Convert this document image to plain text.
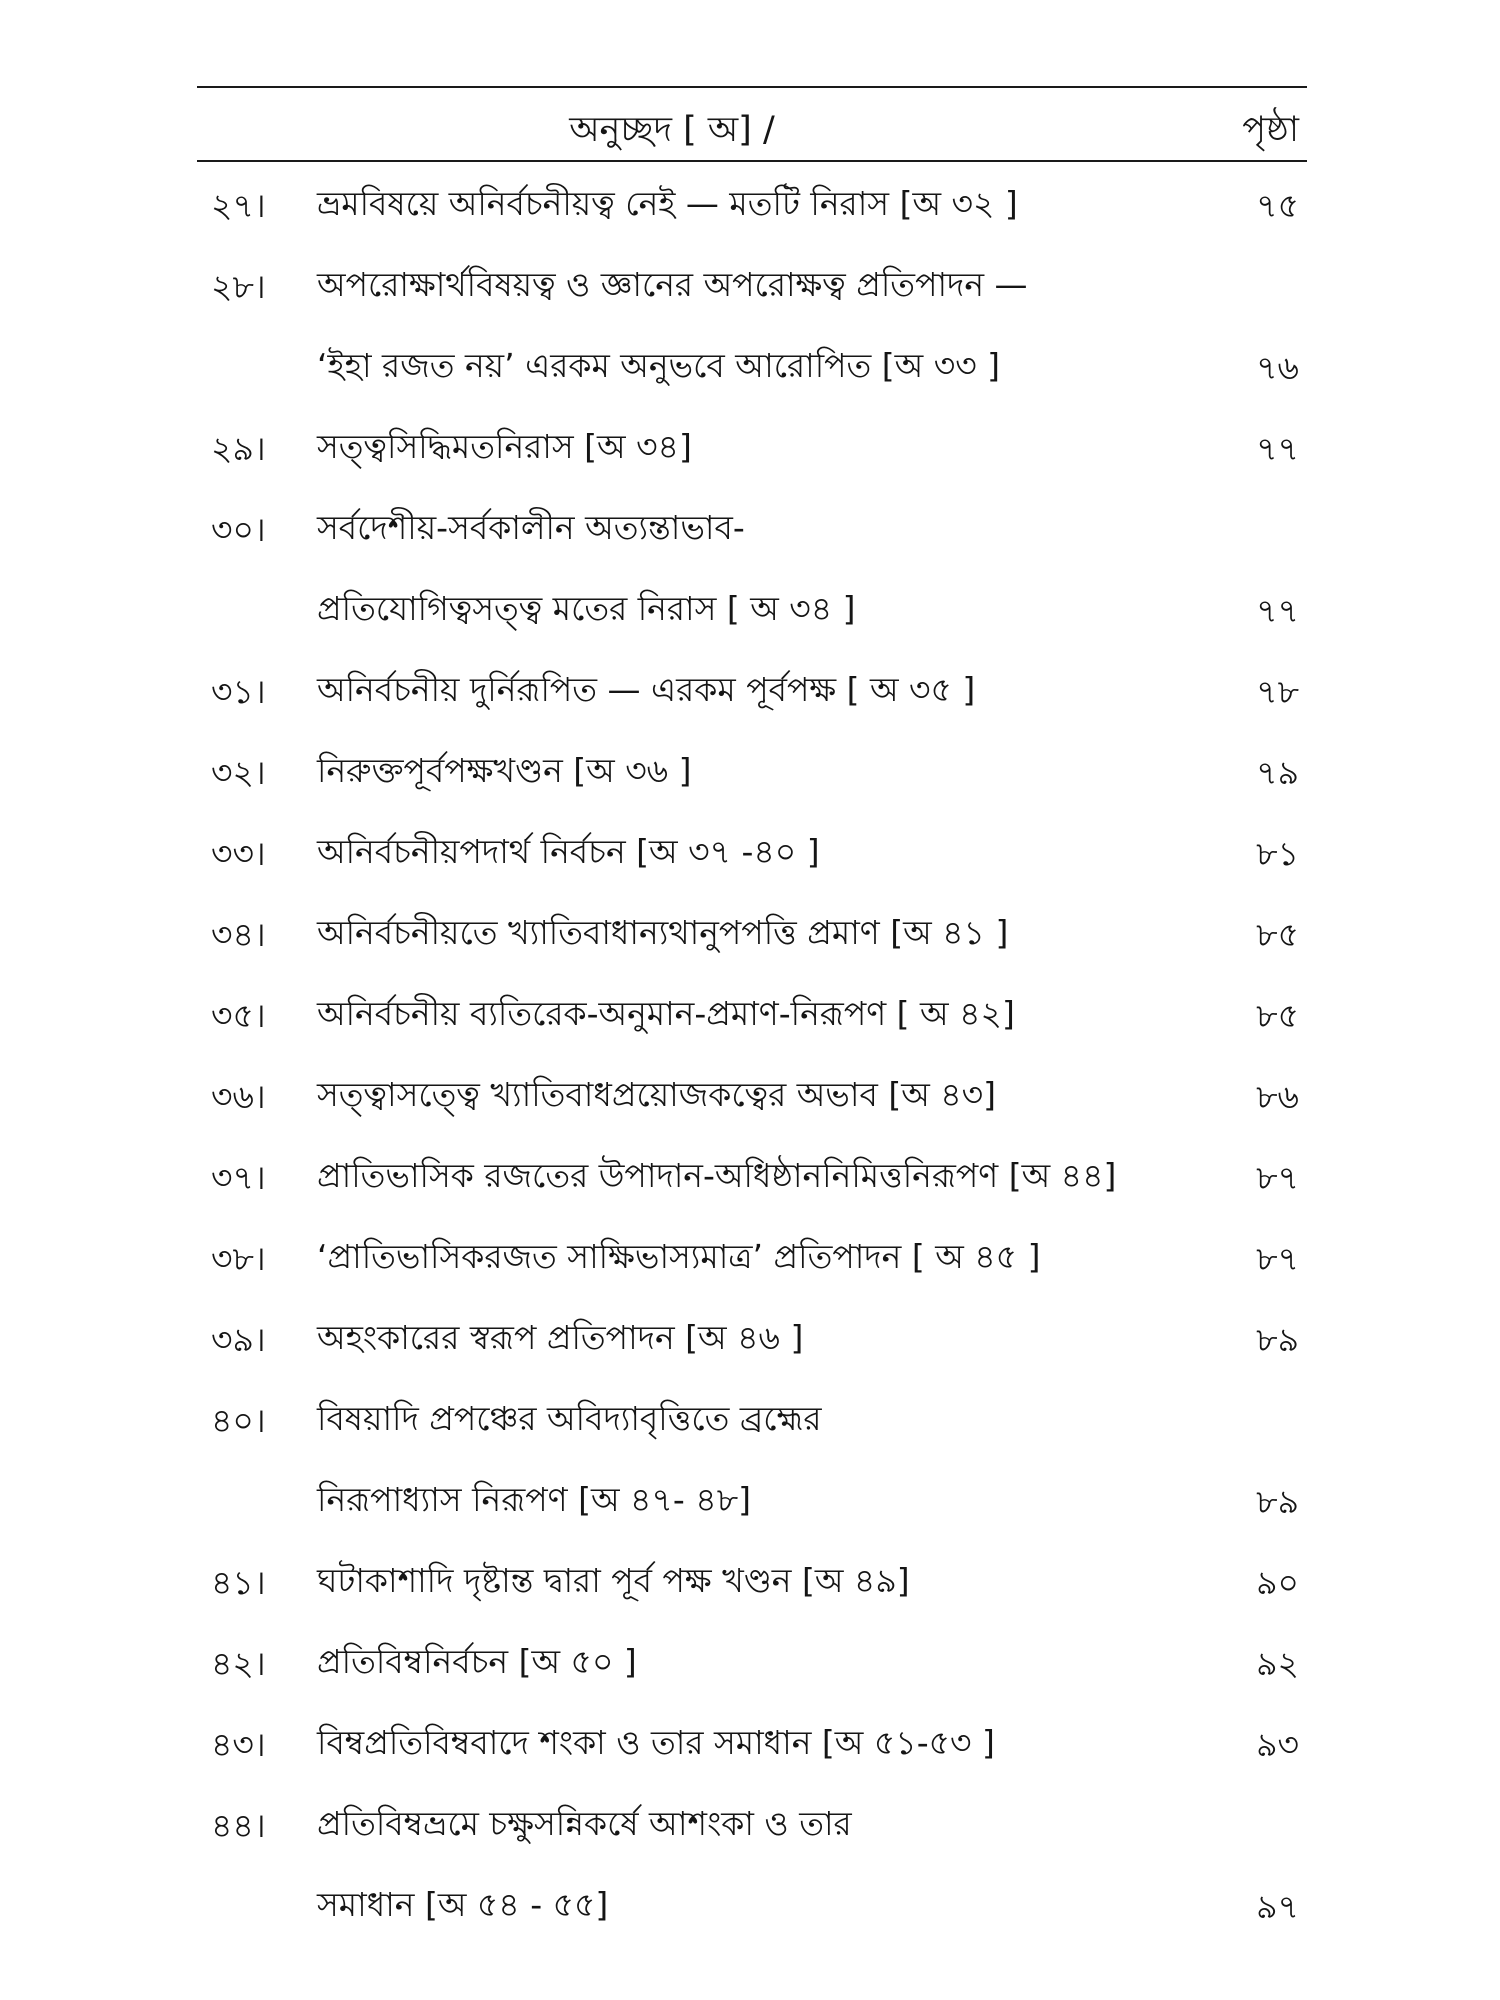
অনুচ্ছদ [ অ] /	পৃষ্ঠা
২৭। ভ্রমবিষয়ে অনির্বচনীয়ত্ব নেই — মতটি নিরাস [অ ৩২ ]	৭৫
২৮। অপরোক্ষার্থবিষয়ত্ব ও জ্ঞানের অপরোক্ষত্ব প্রতিপাদন —
‘ইহা রজত নয়’ এরকম অনুভবে আরোপিত [অ ৩৩ ]	৭৬
২৯। সত্ত্বসিদ্ধিমতনিরাস [অ ৩৪]	৭৭
৩০। সর্বদেশীয়-সর্বকালীন অত্যন্তাভাব-
প্রতিযোগিত্বসত্ত্ব মতের নিরাস [ অ ৩৪ ]	৭৭
৩১। অনির্বচনীয় দুর্নিরূপিত — এরকম পূর্বপক্ষ [ অ ৩৫ ]	৭৮
৩২। নিরুক্তপূর্বপক্ষখণ্ডন [অ ৩৬ ]	৭৯
৩৩। অনির্বচনীয়পদার্থ নির্বচন [অ ৩৭ -৪০ ]	৮১
৩৪। অনির্বচনীয়তে খ্যাতিবাধান্যথানুপপত্তি প্রমাণ [অ ৪১ ]	৮৫
৩৫। অনির্বচনীয় ব্যতিরেক-অনুমান-প্রমাণ-নিরূপণ [ অ ৪২]	৮৫
৩৬। সত্ত্বাসত্ত্বে খ্যাতিবাধপ্রয়োজকত্বের অভাব [অ ৪৩]	৮৬
৩৭। প্রাতিভাসিক রজতের উপাদান-অধিষ্ঠাননিমিত্তনিরূপণ [অ ৪৪]	৮৭
৩৮। ‘প্রাতিভাসিকরজত সাক্ষিভাস্যমাত্র’ প্রতিপাদন [ অ ৪৫ ]	৮৭
৩৯। অহংকারের স্বরূপ প্রতিপাদন [অ ৪৬ ]	৮৯
৪০। বিষয়াদি প্রপঞ্চের অবিদ্যাবৃত্তিতে ব্রহ্মের
নিরূপাধ্যাস নিরূপণ [অ ৪৭- ৪৮]	৮৯
৪১। ঘটাকাশাদি দৃষ্টান্ত দ্বারা পূর্ব পক্ষ খণ্ডন [অ ৪৯]	৯০
৪২। প্রতিবিম্বনির্বচন [অ ৫০ ]	৯২
৪৩। বিম্বপ্রতিবিম্ববাদে শংকা ও তার সমাধান [অ ৫১-৫৩ ]	৯৩
৪৪। প্রতিবিম্বভ্রমে চক্ষুসন্নিকর্ষে আশংকা ও তার
সমাধান [অ ৫৪ - ৫৫]	৯৭
